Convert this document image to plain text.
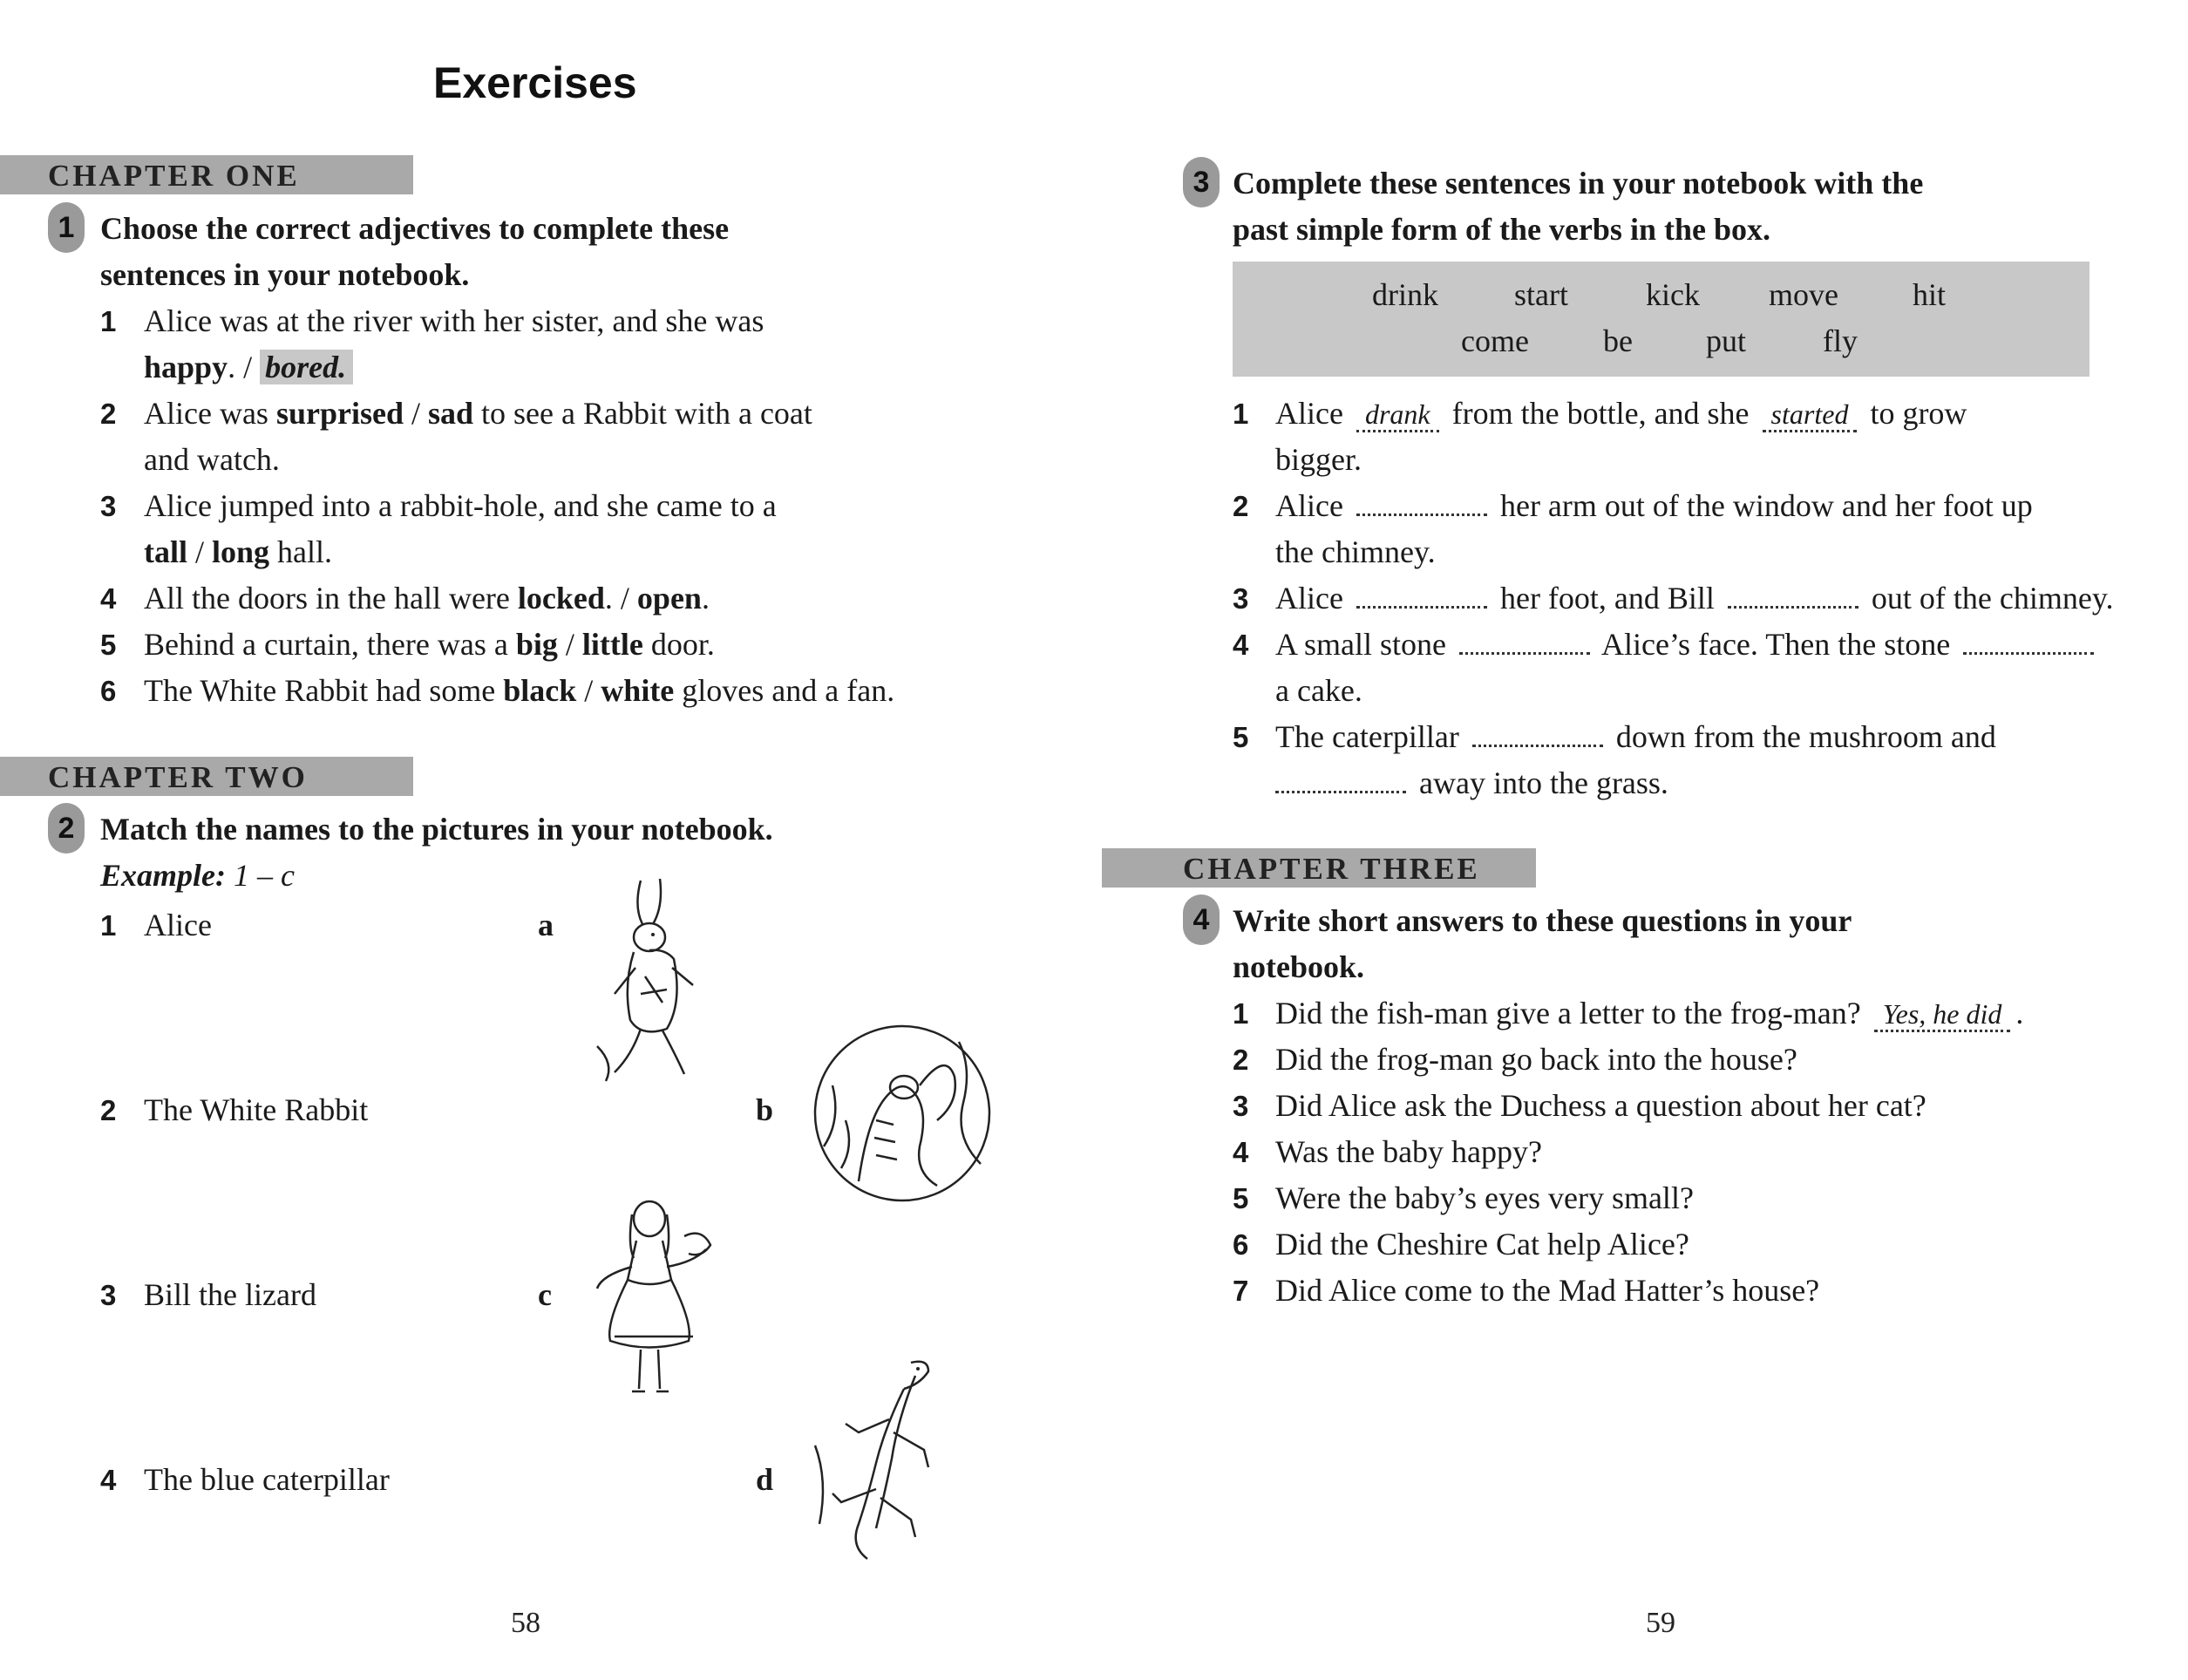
Exercises
CHAPTER ONE
1 Choose the correct adjectives to complete these
sentences in your notebook.
1 Alice was at the river with her sister, and she was
happy. / bored.
2 Alice was surprised / sad to see a Rabbit with a coat
and watch.
3 Alice jumped into a rabbit-hole, and she came to a
tall / long hall.
4 All the doors in the hall were locked. / open.
5 Behind a curtain, there was a big / little door.
6 The White Rabbit had some black / white gloves and a fan.
CHAPTER TWO
2 Match the names to the pictures in your notebook.
Example: 1 – c
1 Alice
2 The White Rabbit
3 Bill the lizard
4 The blue caterpillar
a
b
c
d
58
3 Complete these sentences in your notebook with the
past simple form of the verbs in the box.
drink start kick move hit
come be put fly
1 Alice drank from the bottle, and she started to grow
bigger.
2 Alice	her arm out of the window and her foot up
the chimney.
3 Alice	her foot, and Bill	out of the chimney.
4 A small stone	Alice’s face. Then the stone
a cake.
5 The caterpillar	down from the mushroom and
away into the grass.
CHAPTER THREE
4 Write short answers to these questions in your
notebook.
1 Did the fish-man give a letter to the frog-man? Yes, he did .
2 Did the frog-man go back into the house?
3 Did Alice ask the Duchess a question about her cat?
4 Was the baby happy?
5 Were the baby’s eyes very small?
6 Did the Cheshire Cat help Alice?
7 Did Alice come to the Mad Hatter’s house?
59
